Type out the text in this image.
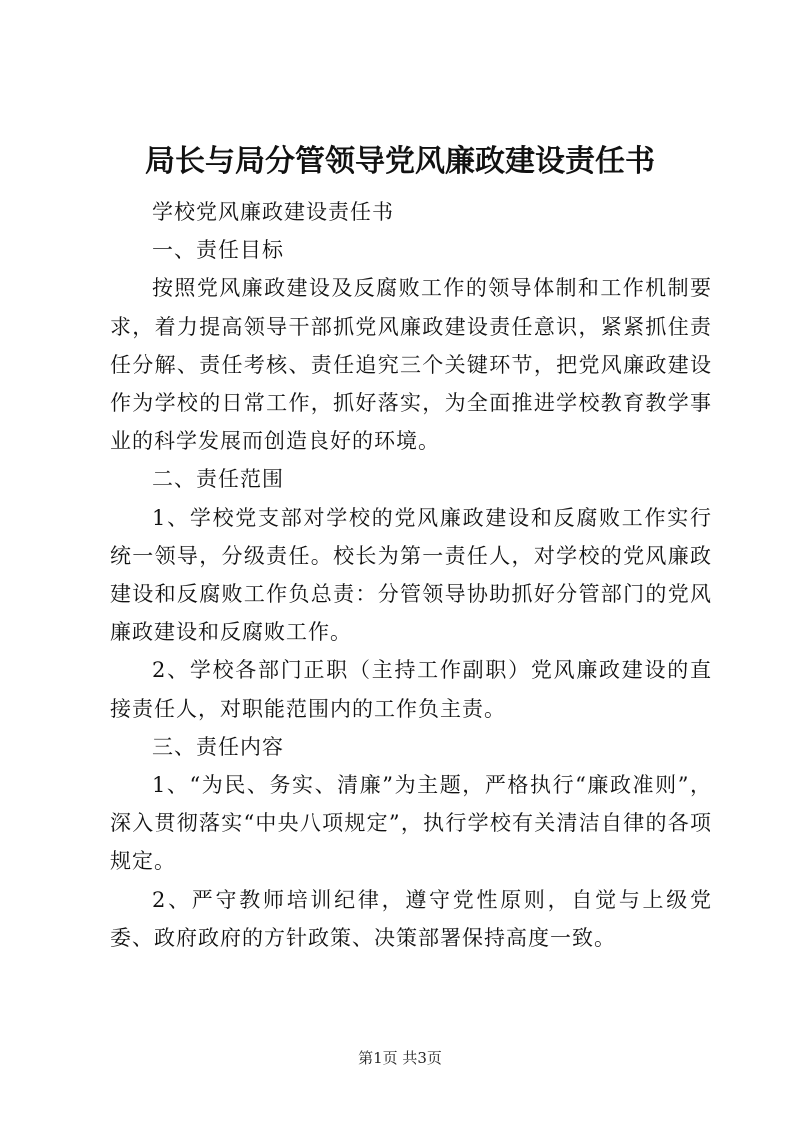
局长与局分管领导党风廉政建设责任书

学校党风廉政建设责任书

一、责任目标

按照党风廉政建设及反腐败工作的领导体制和工作机制要求，着力提高领导干部抓党风廉政建设责任意识，紧紧抓住责任分解、责任考核、责任追究三个关键环节，把党风廉政建设作为学校的日常工作，抓好落实，为全面推进学校教育教学事业的科学发展而创造良好的环境。

二、责任范围

1、学校党支部对学校的党风廉政建设和反腐败工作实行统一领导，分级责任。校长为第一责任人，对学校的党风廉政建设和反腐败工作负总责：分管领导协助抓好分管部门的党风廉政建设和反腐败工作。

2、学校各部门正职（主持工作副职）党风廉政建设的直接责任人，对职能范围内的工作负主责。

三、责任内容

1、“为民、务实、清廉”为主题，严格执行“廉政准则”，深入贯彻落实“中央八项规定”，执行学校有关清洁自律的各项规定。

2、严守教师培训纪律，遵守党性原则，自觉与上级党委、政府政府的方针政策、决策部署保持高度一致。

第1页 共3页
